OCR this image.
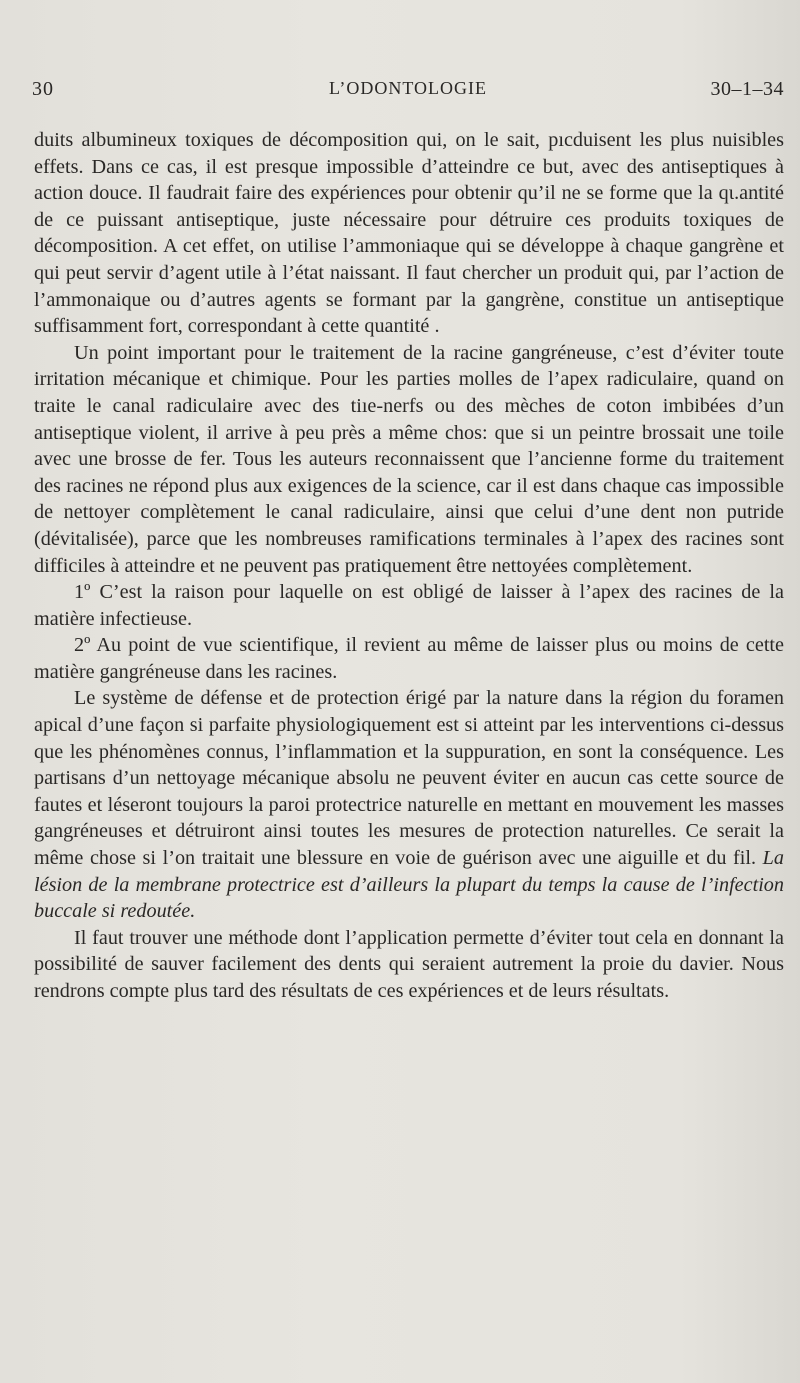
L’ODONTOLOGIE
30	30–1–34

duits albumineux toxiques de décomposition qui, on le sait, pıcduisent les plus nuisibles effets. Dans ce cas, il est presque impossible d’atteindre ce but, avec des antiseptiques à action douce. Il faudrait faire des expériences pour obtenir qu’il ne se forme que la qι.antité de ce puissant antiseptique, juste nécessaire pour détruire ces produits toxiques de décomposition. A cet effet, on utilise l’ammoniaque qui se développe à chaque gangrène et qui peut servir d’agent utile à l’état naissant. Il faut chercher un produit qui, par l’action de l’ammonaique ou d’autres agents se formant par la gangrène, constitue un antiseptique suffisamment fort, correspondant à cette quantité .

Un point important pour le traitement de la racine gangréneuse, c’est d’éviter toute irritation mécanique et chimique. Pour les parties molles de l’apex radiculaire, quand on traite le canal radiculaire avec des tiıe-nerfs ou des mèches de coton imbibées d’un antiseptique violent, il arrive à peu près a même chos: que si un peintre brossait une toile avec une brosse de fer. Tous les auteurs reconnaissent que l’ancienne forme du traitement des racines ne répond plus aux exigences de la science, car il est dans chaque cas impossible de nettoyer complètement le canal radiculaire, ainsi que celui d’une dent non putride (dévitalisée), parce que les nombreuses ramifications terminales à l’apex des racines sont difficiles à atteindre et ne peuvent pas pratiquement être nettoyées complètement.

1º C’est la raison pour laquelle on est obligé de laisser à l’apex des racines de la matière infectieuse.

2º Au point de vue scientifique, il revient au même de laisser plus ou moins de cette matière gangréneuse dans les racines.

Le système de défense et de protection érigé par la nature dans la région du foramen apical d’une façon si parfaite physiologiquement est si atteint par les interventions ci-dessus que les phénomènes connus, l’inflammation et la suppuration, en sont la conséquence. Les partisans d’un nettoyage mécanique absolu ne peuvent éviter en aucun cas cette source de fautes et léseront toujours la paroi protectrice naturelle en mettant en mouvement les masses gangréneuses et détruiront ainsi toutes les mesures de protection naturelles. Ce serait la même chose si l’on traitait une blessure en voie de guérison avec une aiguille et du fil. La lésion de la membrane protectrice est d’ailleurs la plupart du temps la cause de l’infection buccale si redoutée.

Il faut trouver une méthode dont l’application permette d’éviter tout cela en donnant la possibilité de sauver facilement des dents qui seraient autrement la proie du davier. Nous rendrons compte plus tard des résultats de ces expériences et de leurs résultats.
